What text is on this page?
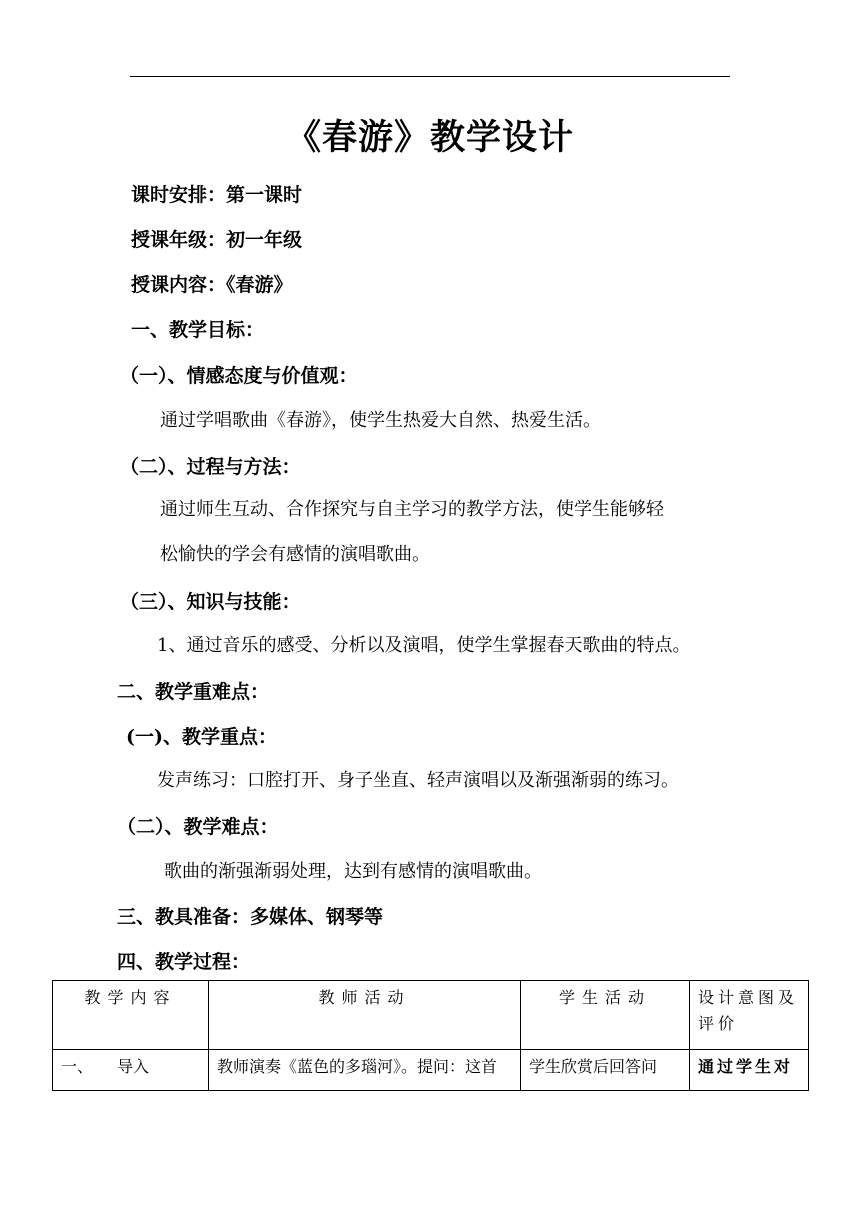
《春游》教学设计
课时安排：第一课时
授课年级：初一年级
授课内容：《春游》
一、教学目标：
（一）、情感态度与价值观：
通过学唱歌曲《春游》，使学生热爱大自然、热爱生活。
（二）、过程与方法：
通过师生互动、合作探究与自主学习的教学方法，使学生能够轻
松愉快的学会有感情的演唱歌曲。
（三）、知识与技能：
1、通过音乐的感受、分析以及演唱，使学生掌握春天歌曲的特点。
二、教学重难点：
(一)、教学重点：
发声练习：口腔打开、身子坐直、轻声演唱以及渐强渐弱的练习。
（二）、教学难点：
歌曲的渐强渐弱处理，达到有感情的演唱歌曲。
三、教具准备：多媒体、钢琴等
四、教学过程：
教学内容	教师活动	学生活动	设计意图及评价
一、　　导入	教师演奏《蓝色的多瑙河》。提问：这首	学生欣赏后回答问	通过学生对
